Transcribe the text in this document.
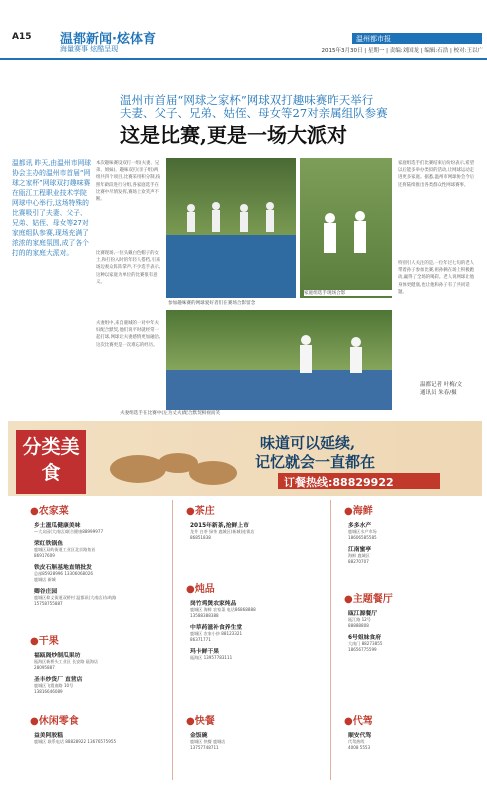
A15 温都新闻·炫体育
海量赛事 炫酷呈现
温州都市报
2015年3月30日 | 星期一 | 责编:刘国龙 | 编辑:石浩 | 校对:王以广
温州市首届“网球之家杯”网球双打趣味赛昨天举行
夫妻、父子、兄弟、姑侄、母女等27对亲属组队参赛
这是比赛,更是一场大派对
温都讯 昨天,由温州市网球协会主办的温州市首届“网球之家杯”网球双打趣味赛在瓯江工程职业技术学院网球中心举行,这场特殊的比赛吸引了夫妻、父子、兄弟、姑侄、母女等27对家庭组队参赛,现场充满了浓浓的家庭氛围,成了各个打的的家庭大派对。
本次趣味赛设双打一组(夫妻、兄弟、姐妹)、趣味双打(亲子组)两组共四个项目,比赛采用积分制,按照年龄段进行分组,各家庭选手在比赛中尽情发挥,赛场上欢笑声不断。
比赛现场,一位头戴白色帽子的女士,和打扮入时的年轻人搭档,引来场边观众阵阵掌声,不少选手表示,这种以家庭为单位的比赛很有意义。
夫妻组中,来自鹿城的一对中年夫妇配合默契,他们说平时就经常一起打球,网球让夫妻感情更加融洽,这次比赛更是一次难忘的经历。
家庭组选手们比赛结束后纷纷表示,希望以后能多举办类似的活动,让网球运动走进更多家庭。据悉,温州市网球协会今后还将陆续推出各类群众性网球赛事。
特别引人关注的是,一位年过七旬的老人带着孙子参加比赛,祖孙俩在场上积极跑动,赢得了全场的喝彩。老人说网球让他身体更健康,也让他和孙子有了共同话题。
温都记者 叶梅/文
通讯员 朱春/摄
参加趣味赛的网球爱好者们在赛场合影留念
家庭组选手现场合影
夫妻组选手在比赛中(左为丈夫)配合默契相视而笑
分类美食
味道可以延续,
记忆就会一直都在
订餐热线:88829922
●农家菜
乡土滋瓜健康美味
—大众园(大南店)联合健康88999977
荣红铁锅鱼
鹿城区双屿街道工业区北京路鱼首
86917609
铁皮石斛基地直销批发
总部85928996 13306068026
鹿城店 新城
卿谷庄园
鹿城区仰义街道双桥村 温都讯(大南店)东屿路
15758755887
●干果
福瓯阁炒制瓜果坊
瓯海区新桥头工业区 长安路 瓯海店
28095887
圣丰炒货厂 直营店
鹿城区飞霞南路 10号
13816646089
●休闲零食
益美阿胶糕
鹿城区 联系电话 88828922 13676575955
●茶庄
2015年新茶,抢鲜上市
龙井 白茶 绿茶 鹿城区(新城)连锁店
86851838
●炖品
岗竹鸡煲农家炖品
鹿城区 海鲜 农家菜 电话86868888
13588388388
中草药滋补食养生堂
鹿城区 农家小炒 88123321
86371771
玛卡鲜干果
瓯海区 13957783111
●快餐
金饭碗
鹿城区 快餐 鹿城店
13757748711
●海鲜
多多水产
鹿城区水产市场
18606585585
江南蜜亭
海鲜 鹿城区
88270707
●主题餐厅
瓯江源餐厅
瓯江路 12号
88888808
6号姐妹食府
大南门 88273855
18656775599
●代驾
顺安代驾
代驾热线
4008 5553
